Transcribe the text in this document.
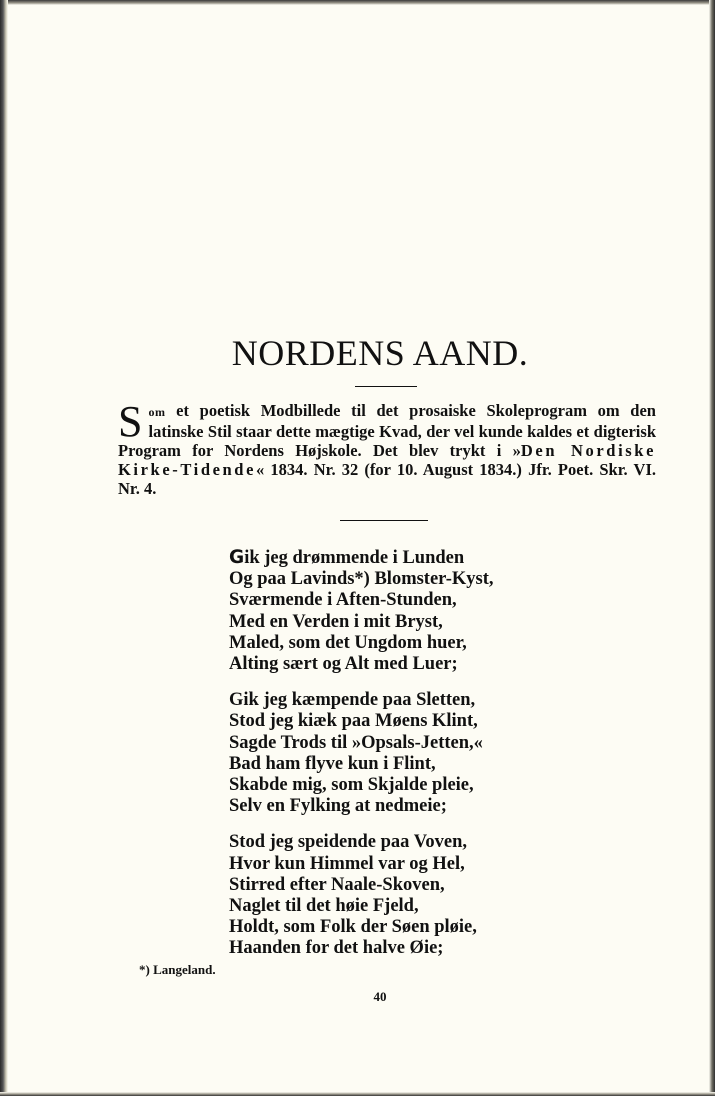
NORDENS AAND.
Som et poetisk Modbillede til det prosaiske Skoleprogram om den latinske Stil staar dette mægtige Kvad, der vel kunde kaldes et digterisk Program for Nordens Højskole. Det blev trykt i »Den Nordiske Kirke-Tidende« 1834. Nr. 32 (for 10. August 1834.) Jfr. Poet. Skr. VI. Nr. 4.
Gik jeg drømmende i Lunden
Og paa Lavinds*) Blomster-Kyst,
Sværmende i Aften-Stunden,
Med en Verden i mit Bryst,
Maled, som det Ungdom huer,
Alting sært og Alt med Luer;
Gik jeg kæmpende paa Sletten,
Stod jeg kiæk paa Møens Klint,
Sagde Trods til »Opsals-Jetten,«
Bad ham flyve kun i Flint,
Skabde mig, som Skjalde pleie,
Selv en Fylking at nedmeie;
Stod jeg speidende paa Voven,
Hvor kun Himmel var og Hel,
Stirred efter Naale-Skoven,
Naglet til det høie Fjeld,
Holdt, som Folk der Søen pløie,
Haanden for det halve Øie;
*) Langeland.
40
